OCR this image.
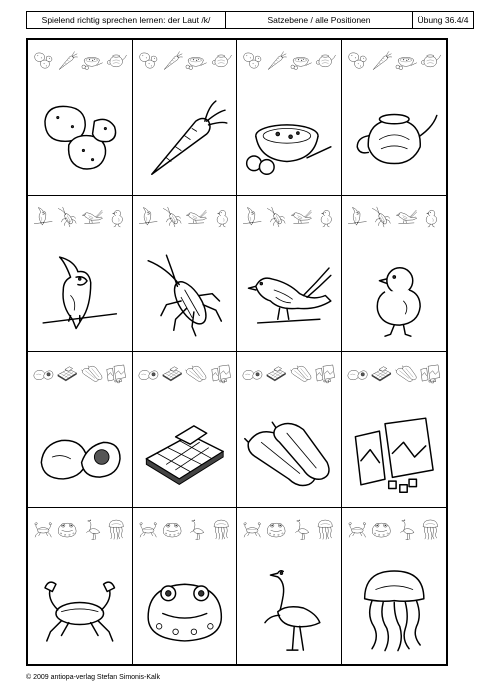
Spielend richtig sprechen lernen: der Laut /k/	Satzebene / alle Positionen	Übung 36.4/4
© 2009 antiopa-verlag Stefan Simonis-Kalk
